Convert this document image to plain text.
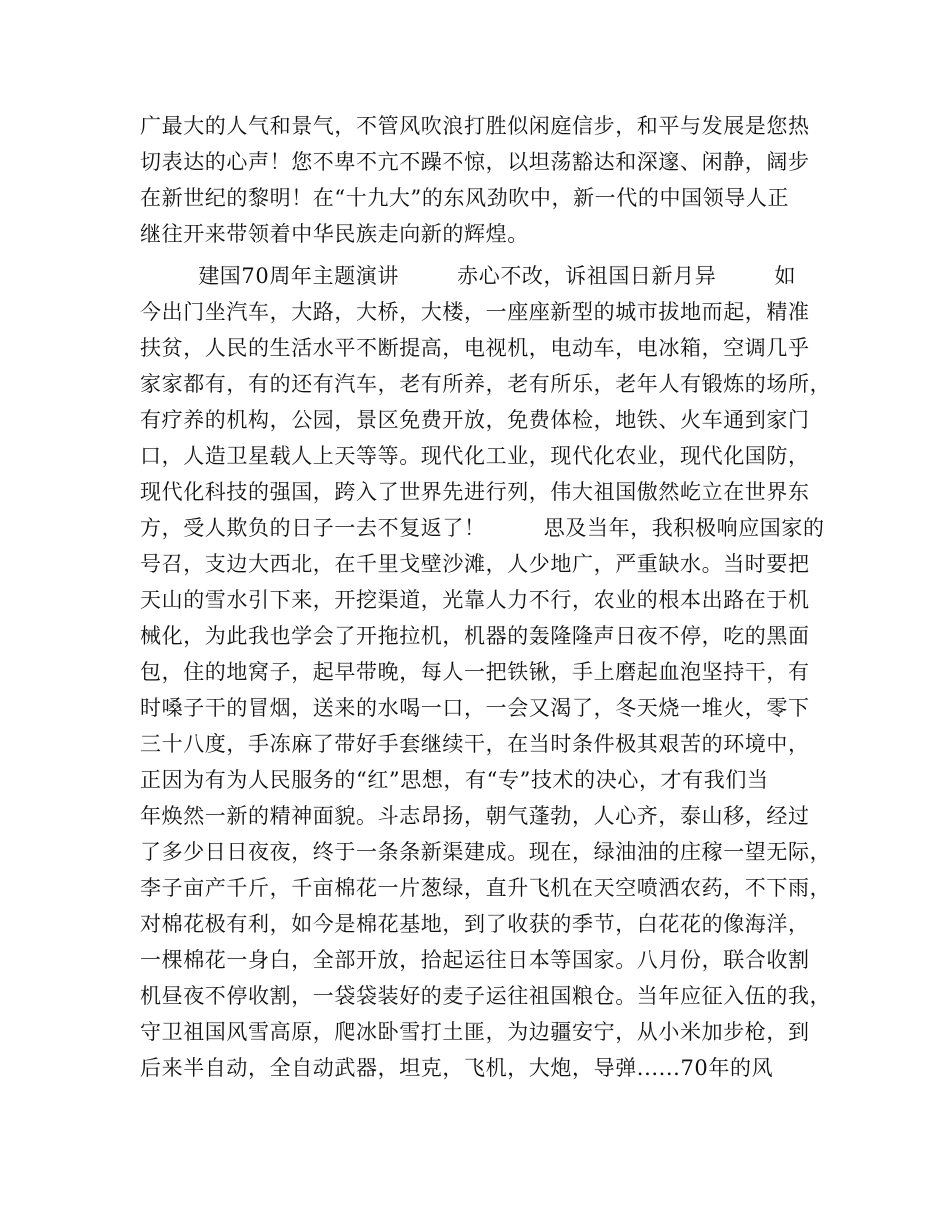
广最大的人气和景气，不管风吹浪打胜似闲庭信步，和平与发展是您热
切表达的心声！您不卑不亢不躁不惊，以坦荡豁达和深邃、闲静，阔步
在新世纪的黎明！在“十九大”的东风劲吹中，新一代的中国领导人正
继往开来带领着中华民族走向新的辉煌。
建国70周年主题演讲        赤心不改，诉祖国日新月异        如
今出门坐汽车，大路，大桥，大楼，一座座新型的城市拔地而起，精准
扶贫，人民的生活水平不断提高，电视机，电动车，电冰箱，空调几乎
家家都有，有的还有汽车，老有所养，老有所乐，老年人有锻炼的场所，
有疗养的机构，公园，景区免费开放，免费体检，地铁、火车通到家门
口，人造卫星载人上天等等。现代化工业，现代化农业，现代化国防，
现代化科技的强国，跨入了世界先进行列，伟大祖国傲然屹立在世界东
方，受人欺负的日子一去不复返了！        思及当年，我积极响应国家的
号召，支边大西北，在千里戈壁沙滩，人少地广，严重缺水。当时要把
天山的雪水引下来，开挖渠道，光靠人力不行，农业的根本出路在于机
械化，为此我也学会了开拖拉机，机器的轰隆隆声日夜不停，吃的黑面
包，住的地窝子，起早带晚，每人一把铁锹，手上磨起血泡坚持干，有
时嗓子干的冒烟，送来的水喝一口，一会又渴了，冬天烧一堆火，零下
三十八度，手冻麻了带好手套继续干，在当时条件极其艰苦的环境中，
正因为有为人民服务的“红”思想，有“专”技术的决心，才有我们当
年焕然一新的精神面貌。斗志昂扬，朝气蓬勃，人心齐，泰山移，经过
了多少日日夜夜，终于一条条新渠建成。现在，绿油油的庄稼一望无际，
李子亩产千斤，千亩棉花一片葱绿，直升飞机在天空喷洒农药，不下雨，
对棉花极有利，如今是棉花基地，到了收获的季节，白花花的像海洋，
一棵棉花一身白，全部开放，拾起运往日本等国家。八月份，联合收割
机昼夜不停收割，一袋袋装好的麦子运往祖国粮仓。当年应征入伍的我，
守卫祖国风雪高原，爬冰卧雪打土匪，为边疆安宁，从小米加步枪，到
后来半自动，全自动武器，坦克，飞机，大炮，导弹......70年的风
